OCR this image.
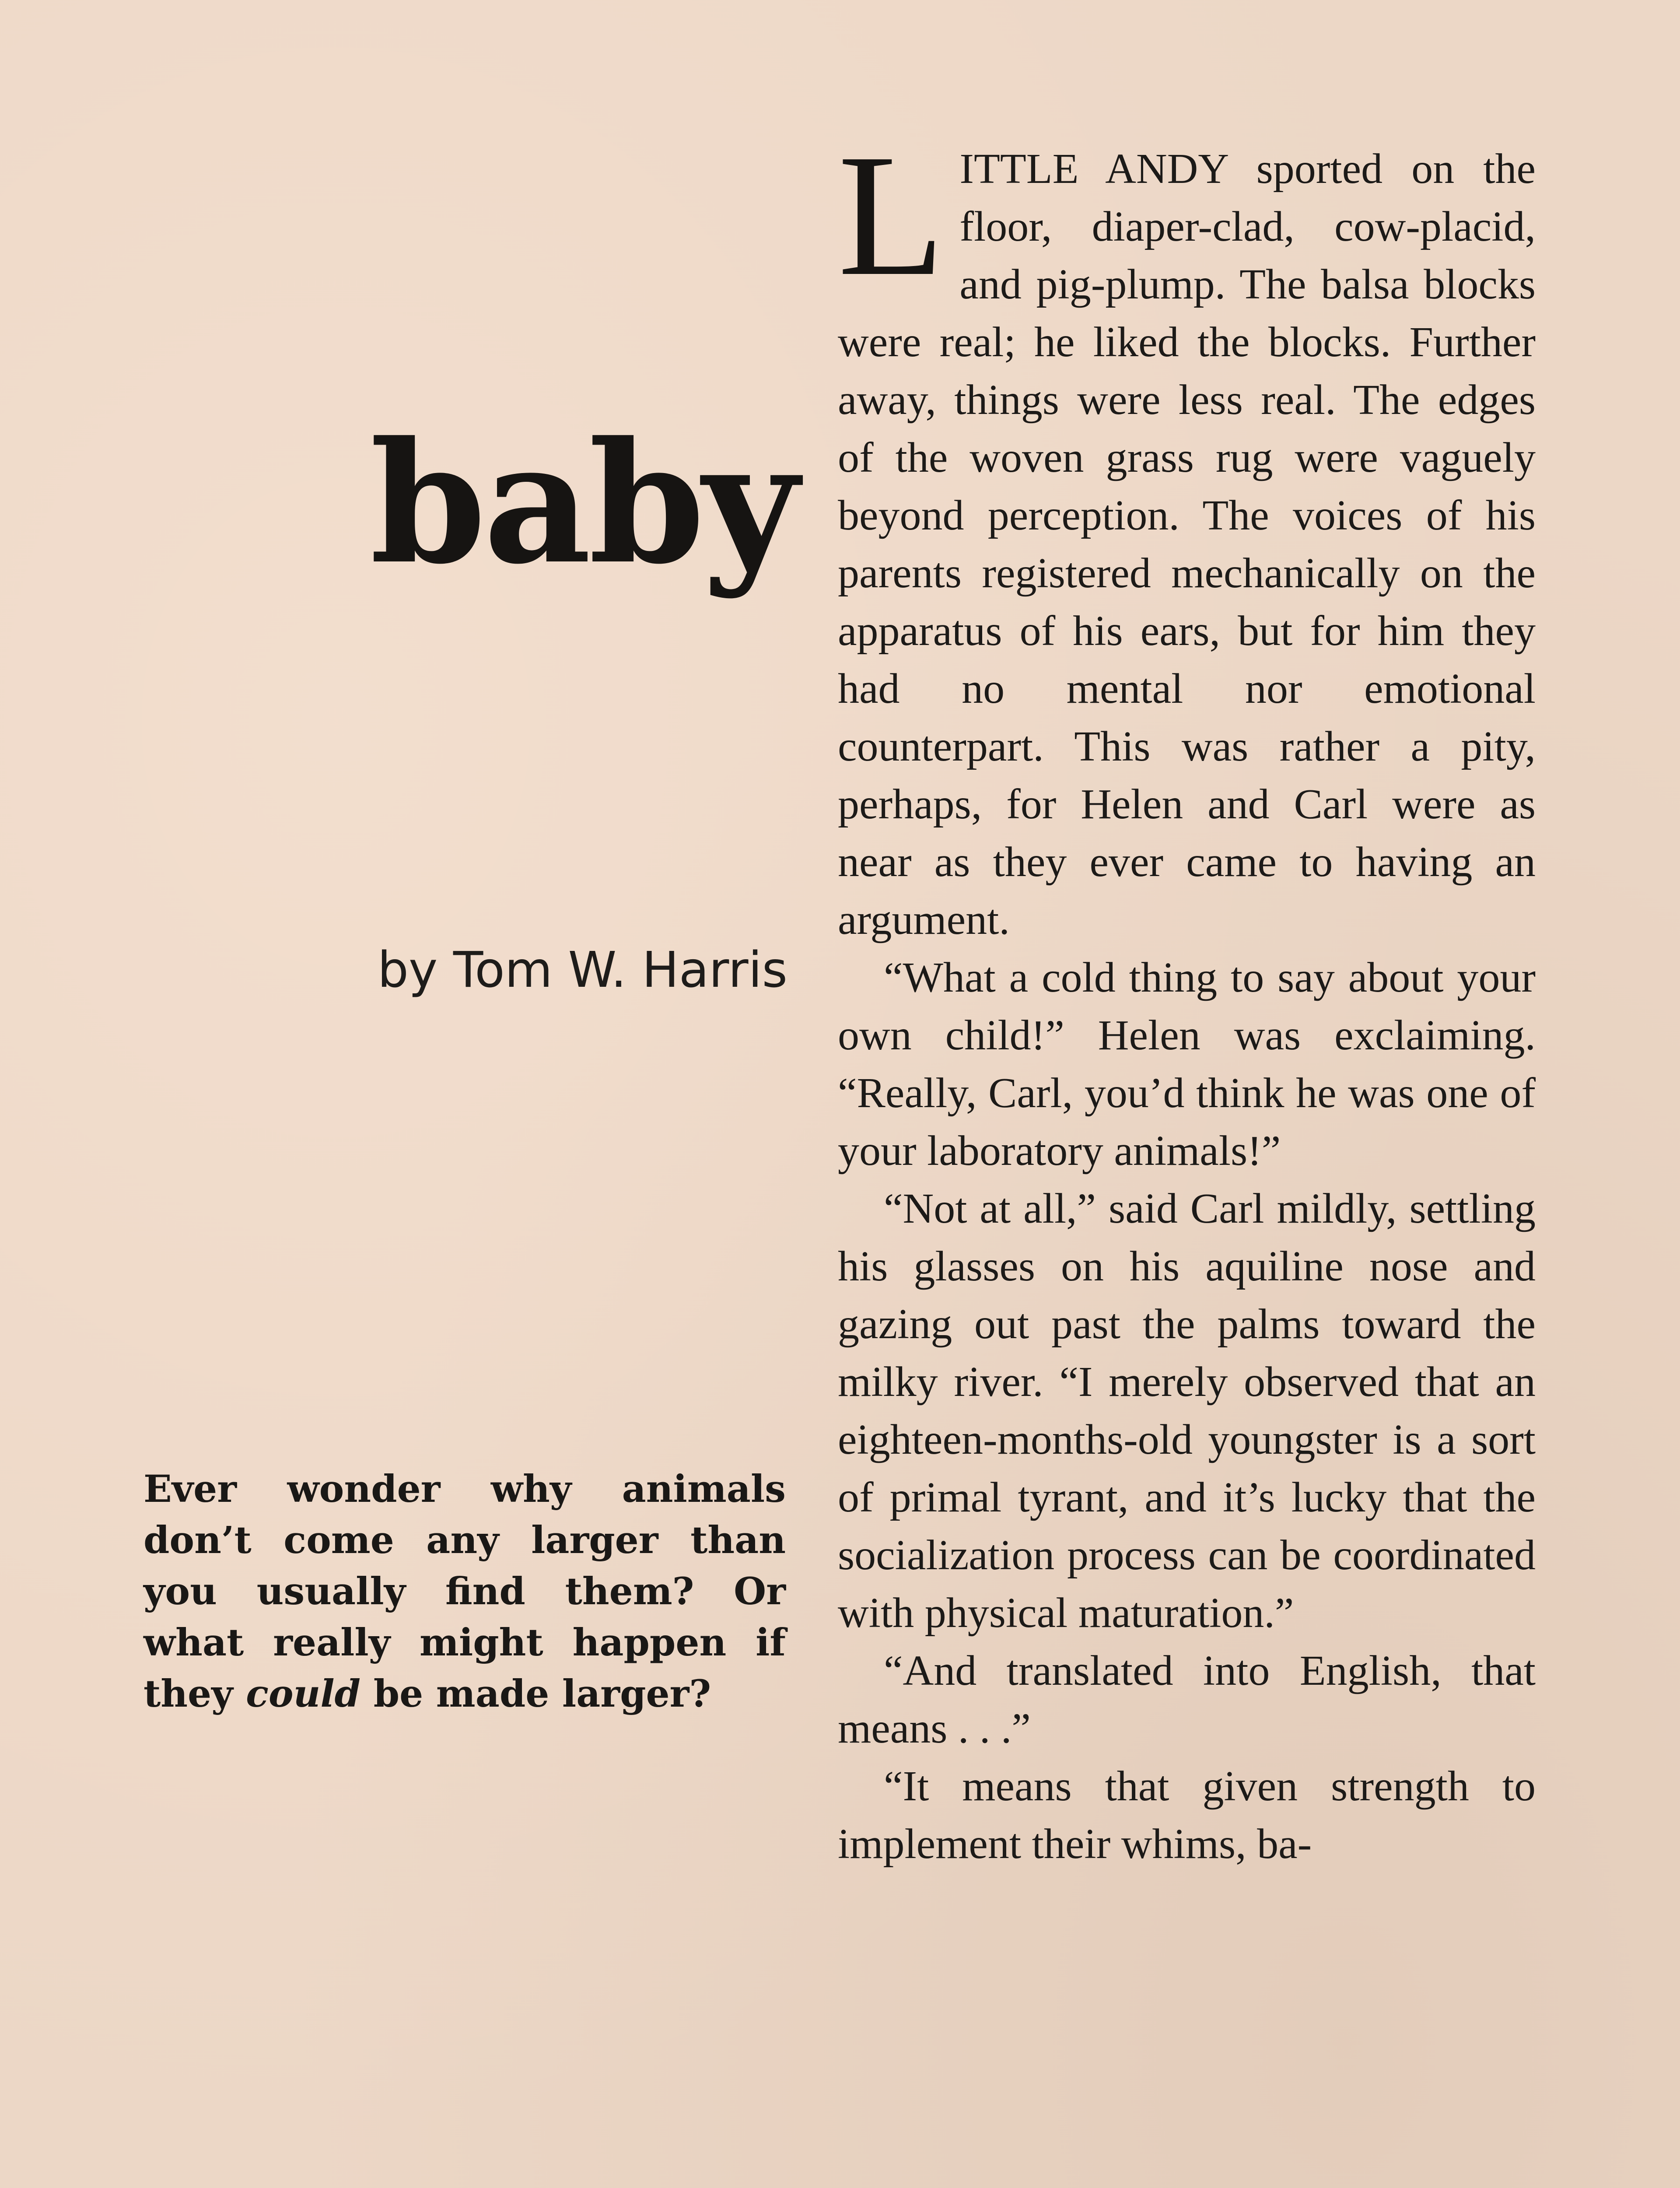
baby
by Tom W. Harris
Ever wonder why animals don’t come any larger than you usually find them? Or what really might happen if they could be made larger?

LITTLE ANDY sported on the floor, diaper-clad, cow-placid, and pig-plump. The balsa blocks were real; he liked the blocks. Further away, things were less real. The edges of the woven grass rug were vaguely beyond perception. The voices of his parents registered mechanically on the apparatus of his ears, but for him they had no mental nor emotional counterpart. This was rather a pity, perhaps, for Helen and Carl were as near as they ever came to having an argument.

“What a cold thing to say about your own child!” Helen was exclaiming. “Really, Carl, you’d think he was one of your laboratory animals!”

“Not at all,” said Carl mildly, settling his glasses on his aquiline nose and gazing out past the palms toward the milky river. “I merely observed that an eighteen-months-old youngster is a sort of primal tyrant, and it’s lucky that the socialization process can be coordinated with physical maturation.”

“And translated into English, that means . . .”

“It means that given strength to implement their whims, ba-
